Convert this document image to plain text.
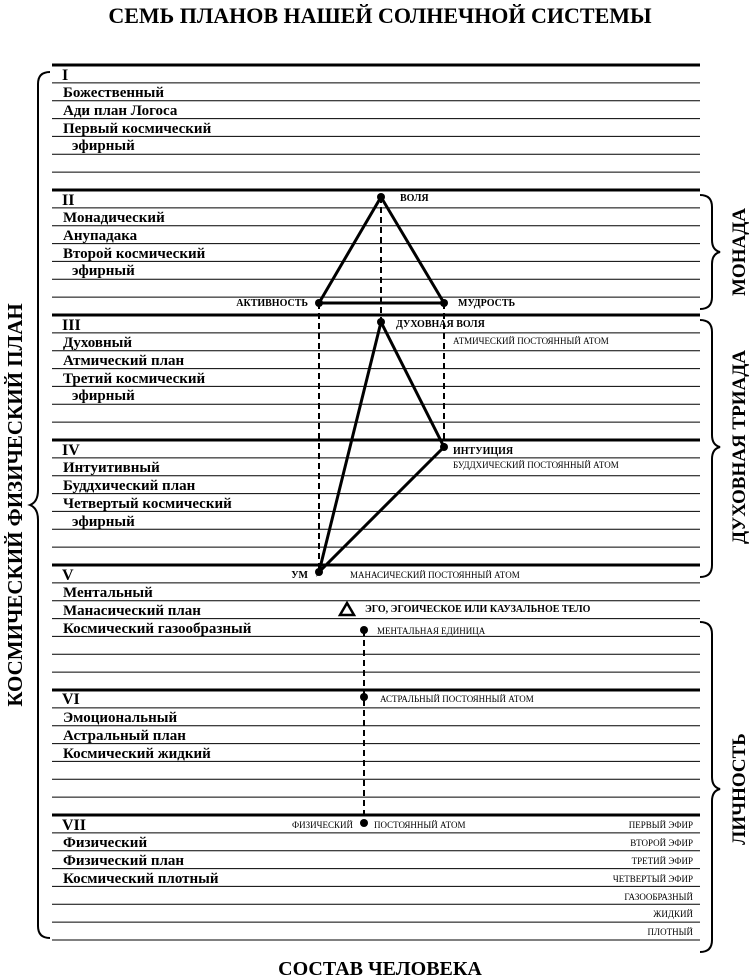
СЕМЬ ПЛАНОВ НАШЕЙ СОЛНЕЧНОЙ СИСТЕМЫ
I
Божественный
Ади план Логоса
Первый космический
эфирный
II
Монадический
Анупадака
Второй космический
эфирный
III
Духовный
Атмический план
Третий космический
эфирный
IV
Интуитивный
Буддхический план
Четвертый космический
эфирный
V
Ментальный
Манасический план
Космический газообразный
VI
Эмоциональный
Астральный план
Космический жидкий
VII
Физический
Физический план
Космический плотный
ВОЛЯ
АКТИВНОСТЬ	МУДРОСТЬ
ДУХОВНАЯ ВОЛЯ
ИНТУИЦИЯ
УМ
ЭГО, ЭГОИЧЕСКОЕ ИЛИ КАУЗАЛЬНОЕ ТЕЛО
АТМИЧЕСКИЙ ПОСТОЯННЫЙ АТОМ
БУДДХИЧЕСКИЙ ПОСТОЯННЫЙ АТОМ
МАНАСИЧЕСКИЙ ПОСТОЯННЫЙ АТОМ
МЕНТАЛЬНАЯ ЕДИНИЦА
АСТРАЛЬНЫЙ ПОСТОЯННЫЙ АТОМ
ФИЗИЧЕСКИЙ ПОСТОЯННЫЙ АТОМ	ПЕРВЫЙ ЭФИР
ВТОРОЙ ЭФИР
ТРЕТИЙ ЭФИР
ЧЕТВЕРТЫЙ ЭФИР
ГАЗООБРАЗНЫЙ
ЖИДКИЙ
ПЛОТНЫЙ
КОСМИЧЕСКИЙ ФИЗИЧЕСКИЙ ПЛАН
МОНАДА
ДУХОВНАЯ ТРИАДА
ЛИЧНОСТЬ
СОСТАВ ЧЕЛОВЕКА
